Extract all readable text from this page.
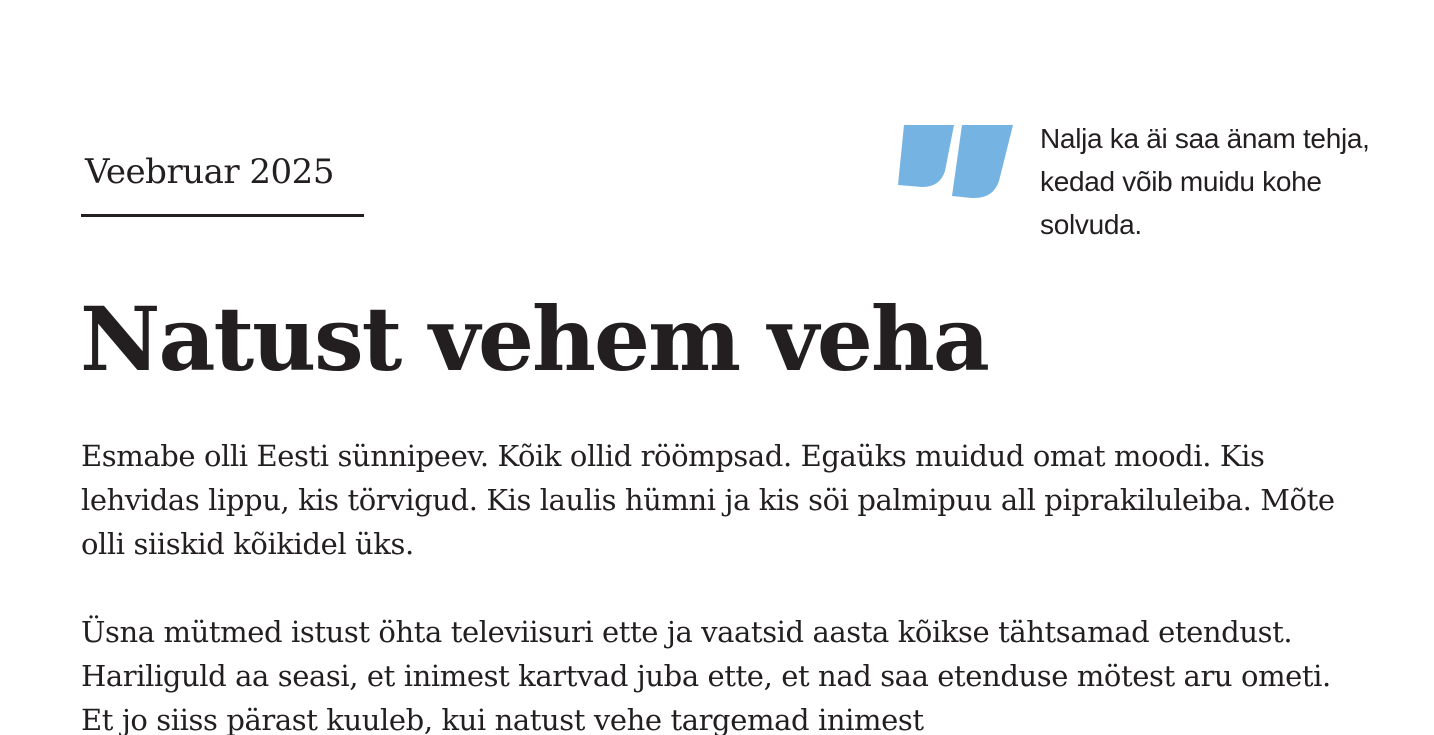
Veebruar 2025
Nalja ka äi saa änam tehja, kedad võib muidu kohe solvuda.
Natust vehem veha

Esmabe olli Eesti sünnipeev. Kõik ollid röömpsad. Egaüks muidud omat moodi. Kis lehvidas lippu, kis törvigud. Kis laulis hümni ja kis söi palmipuu all piprakiluleiba. Mõte olli siiskid kõikidel üks.

Üsna mütmed istust öhta televiisuri ette ja vaatsid aasta kõikse tähtsamad etendust. Hariliguld aa seasi, et inimest kartvad juba ette, et nad saa etenduse mötest aru ometi. Et jo siiss pärast kuuleb, kui natust vehe targemad inimest
